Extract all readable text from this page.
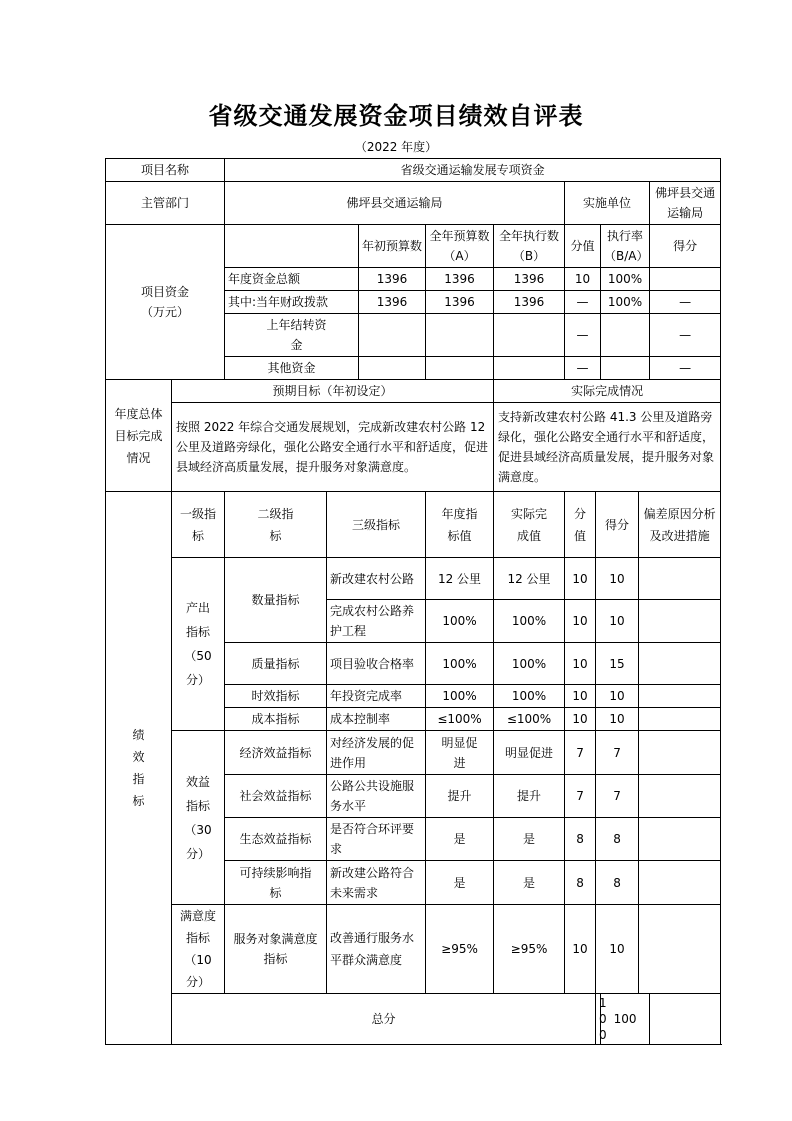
省级交通发展资金项目绩效自评表
（2022 年度）
项目名称		省级交通运输发展专项资金									
主管部门		佛坪县交通运输局					实施单位				佛坪县交通运输局
项目资金
（万元）				年初预算数	全年预算数（A）	全年执行数（B）	分值		执行率（B/A）		得分
		年度资金总额		1396	1396	1396	10		100%		
		其中:当年财政拨款		1396	1396	1396	—		100%		—
		上年结转资金					—				—
		其他资金					—				—
年度总体目标完成情况	预期目标（年初设定）					实际完成情况					
	按照 2022 年综合交通发展规划，完成新改建农村公路 12 公里及道路旁绿化，强化公路安全通行水平和舒适度，促进县域经济高质量发展，提升服务对象满意度。					支持新改建农村公路 41.3 公里及道路旁绿化，强化公路安全通行水平和舒适度，促进县域经济高质量发展，提升服务对象满意度。					
绩效指标	一级指标	二级指标	三级指标		年度指标值	实际完成值	分值	得分		偏差原因分析及改进措施	
	产出指标（50分）	数量指标	新改建农村公路		12 公里	12 公里	10	10			
			完成农村公路养护工程		100%	100%	10	10			
		质量指标	项目验收合格率		100%	100%	10	15			
		时效指标	年投资完成率		100%	100%	10	10			
		成本指标	成本控制率		≤100%	≤100%	10	10			
	效益指标（30分）	经济效益指标	对经济发展的促进作用		明显促进	明显促进	7	7			
		社会效益指标	公路公共设施服务水平		提升	提升	7	7			
		生态效益指标	是否符合环评要求		是	是	8	8			
		可持续影响指标	新改建公路符合未来需求		是	是	8	8			
	满意度指标（10分）	服务对象满意度指标	改善通行服务水平群众满意度		≥95%	≥95%	10	10			
	总分							100	100		
